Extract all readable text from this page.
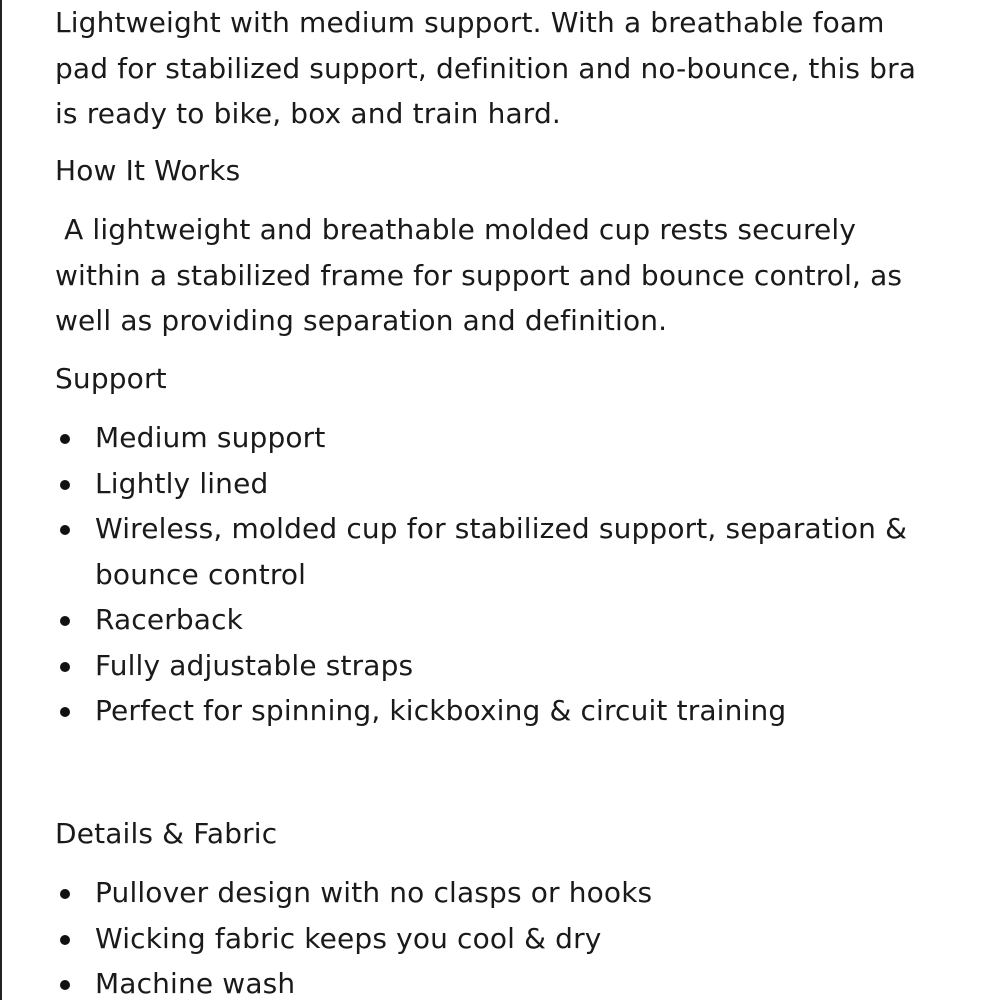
Lightweight with medium support. With a breathable foam pad for stabilized support, definition and no-bounce, this bra is ready to bike, box and train hard.

How It Works

A lightweight and breathable molded cup rests securely within a stabilized frame for support and bounce control, as well as providing separation and definition.

Support
Medium support
Lightly lined
Wireless, molded cup for stabilized support, separation & bounce control
Racerback
Fully adjustable straps
Perfect for spinning, kickboxing & circuit training
Details & Fabric
Pullover design with no clasps or hooks
Wicking fabric keeps you cool & dry
Machine wash
